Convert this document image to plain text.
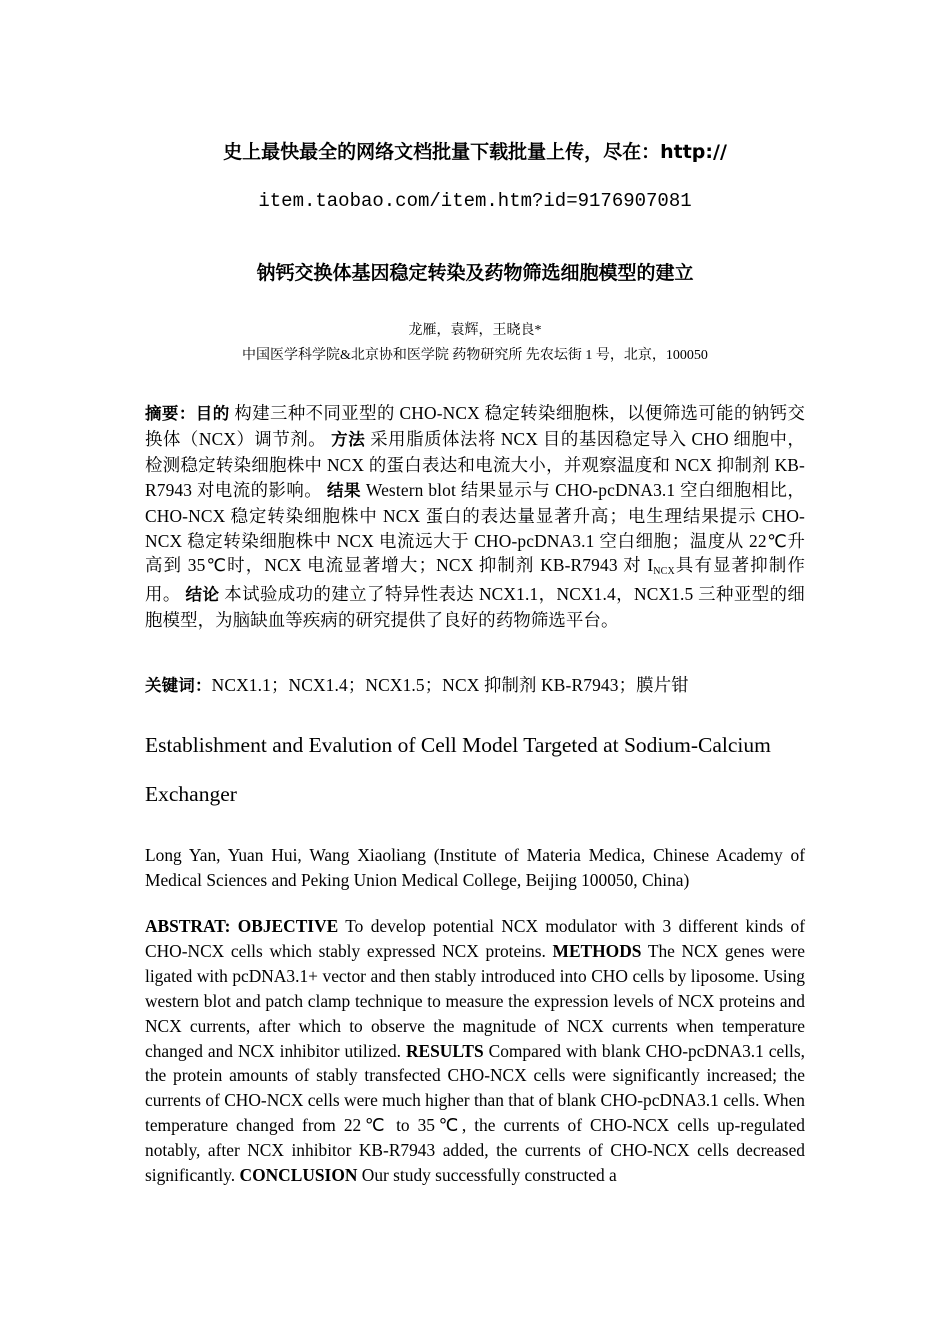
史上最快最全的网络文档批量下载批量上传，尽在：http://
item.taobao.com/item.htm?id=9176907081
钠钙交换体基因稳定转染及药物筛选细胞模型的建立
龙雁，袁辉，王晓良*
中国医学科学院&北京协和医学院 药物研究所 先农坛街 1 号，北京，100050
摘要：目的 构建三种不同亚型的 CHO-NCX 稳定转染细胞株，以便筛选可能的钠钙交换体（NCX）调节剂。 方法 采用脂质体法将 NCX 目的基因稳定导入 CHO 细胞中，检测稳定转染细胞株中 NCX 的蛋白表达和电流大小，并观察温度和 NCX 抑制剂 KB-R7943 对电流的影响。 结果 Western blot 结果显示与 CHO-pcDNA3.1 空白细胞相比，CHO-NCX 稳定转染细胞株中 NCX 蛋白的表达量显著升高；电生理结果提示 CHO-NCX 稳定转染细胞株中 NCX 电流远大于 CHO-pcDNA3.1 空白细胞；温度从 22℃升高到 35℃时，NCX 电流显著增大；NCX 抑制剂 KB-R7943 对 INCX具有显著抑制作用。 结论 本试验成功的建立了特异性表达 NCX1.1，NCX1.4，NCX1.5 三种亚型的细胞模型，为脑缺血等疾病的研究提供了良好的药物筛选平台。
关键词：NCX1.1；NCX1.4；NCX1.5；NCX 抑制剂 KB-R7943；膜片钳
Establishment and Evalution of Cell Model Targeted at Sodium-Calcium
Exchanger
Long Yan, Yuan Hui, Wang Xiaoliang (Institute of Materia Medica, Chinese Academy of Medical Sciences and Peking Union Medical College, Beijing 100050, China)
ABSTRAT: OBJECTIVE To develop potential NCX modulator with 3 different kinds of CHO-NCX cells which stably expressed NCX proteins. METHODS The NCX genes were ligated with pcDNA3.1+ vector and then stably introduced into CHO cells by liposome. Using western blot and patch clamp technique to measure the expression levels of NCX proteins and NCX currents, after which to observe the magnitude of NCX currents when temperature changed and NCX inhibitor utilized. RESULTS Compared with blank CHO-pcDNA3.1 cells, the protein amounts of stably transfected CHO-NCX cells were significantly increased; the currents of CHO-NCX cells were much higher than that of blank CHO-pcDNA3.1 cells. When temperature changed from 22℃ to 35℃, the currents of CHO-NCX cells up-regulated notably, after NCX inhibitor KB-R7943 added, the currents of CHO-NCX cells decreased significantly. CONCLUSION Our study successfully constructed a
